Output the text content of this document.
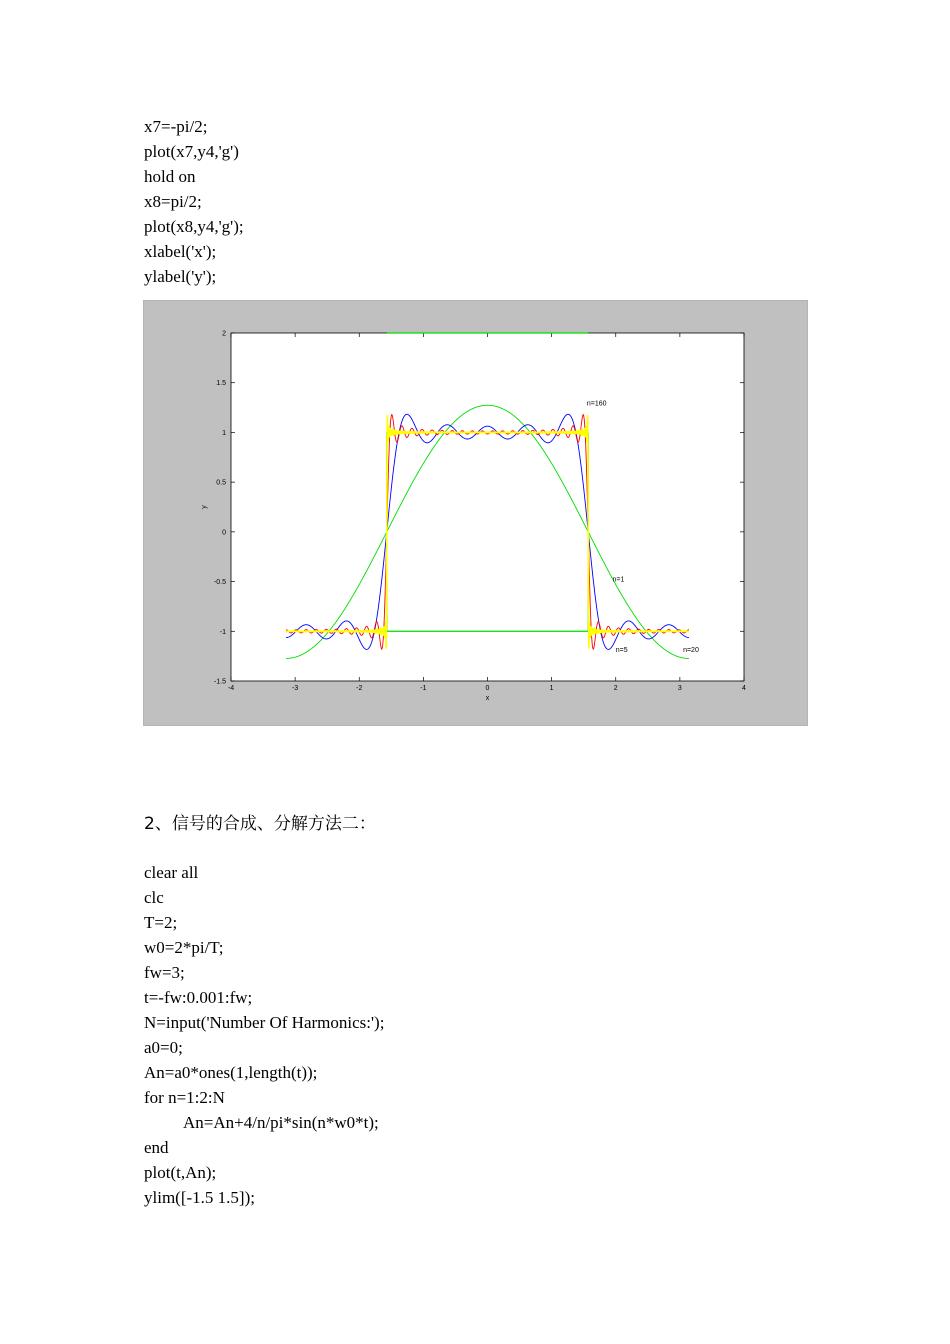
x7=-pi/2;
plot(x7,y4,'g')
hold on
x8=pi/2;
plot(x8,y4,'g');
xlabel('x');
ylabel('y');
-4	-3	-2	-1	0	1	2	3	4
-1.5
-1
-0.5
0
0.5
1
1.5
2
x
y
n=160
n=1
n=5	n=20
2、信号的合成、分解方法二：
clear all
clc
T=2;
w0=2*pi/T;
fw=3;
t=-fw:0.001:fw;
N=input('Number Of Harmonics:');
a0=0;
An=a0*ones(1,length(t));
for n=1:2:N
An=An+4/n/pi*sin(n*w0*t);
end
plot(t,An);
ylim([-1.5 1.5]);
